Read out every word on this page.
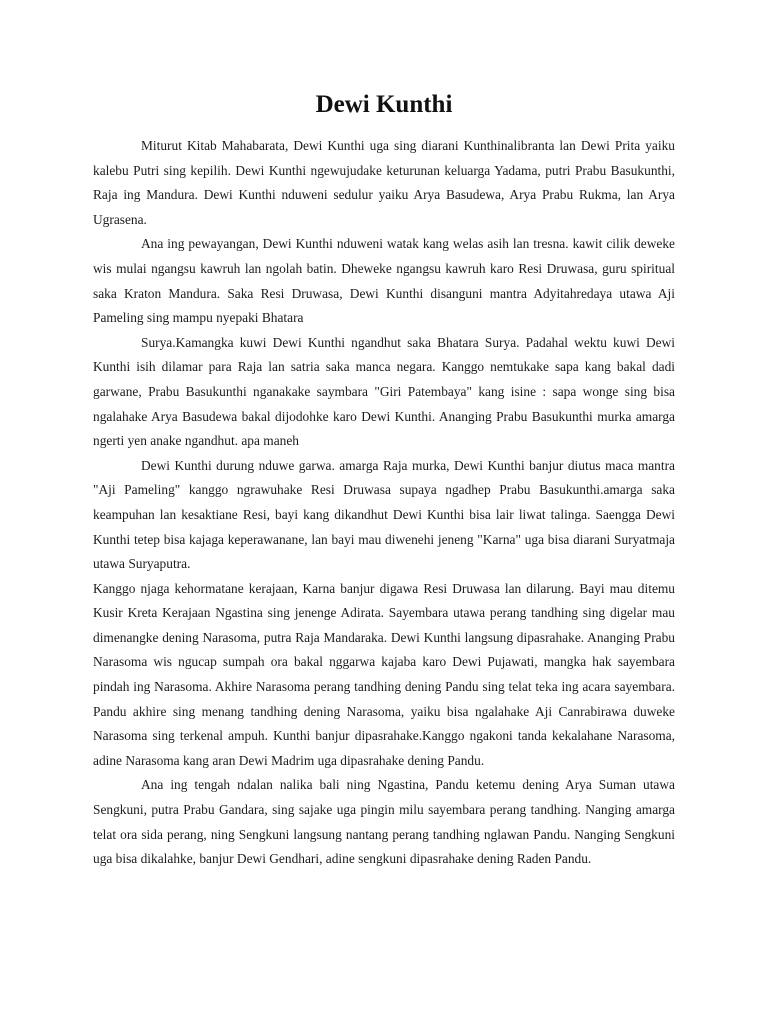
Dewi Kunthi

Miturut Kitab Mahabarata, Dewi Kunthi uga sing diarani Kunthinalibranta lan Dewi Prita yaiku kalebu Putri sing kepilih. Dewi Kunthi ngewujudake keturunan keluarga Yadama, putri Prabu Basukunthi, Raja ing Mandura. Dewi Kunthi nduweni sedulur yaiku Arya Basudewa, Arya Prabu Rukma, lan Arya Ugrasena.

Ana ing pewayangan, Dewi Kunthi nduweni watak kang welas asih lan tresna. kawit cilik deweke wis mulai ngangsu kawruh lan ngolah batin. Dheweke ngangsu kawruh karo Resi Druwasa, guru spiritual saka Kraton Mandura. Saka Resi Druwasa, Dewi Kunthi disanguni mantra Adyitahredaya utawa Aji Pameling sing mampu nyepaki Bhatara

Surya.Kamangka kuwi Dewi Kunthi ngandhut saka Bhatara Surya. Padahal wektu kuwi Dewi Kunthi isih dilamar para Raja lan satria saka manca negara. Kanggo nemtukake sapa kang bakal dadi garwane, Prabu Basukunthi nganakake saymbara "Giri Patembaya" kang isine : sapa wonge sing bisa ngalahake Arya Basudewa bakal dijodohke karo Dewi Kunthi. Ananging Prabu Basukunthi murka amarga ngerti yen anake ngandhut. apa maneh

Dewi Kunthi durung nduwe garwa. amarga Raja murka, Dewi Kunthi banjur diutus maca mantra "Aji Pameling" kanggo ngrawuhake Resi Druwasa supaya ngadhep Prabu Basukunthi.amarga saka keampuhan lan kesaktiane Resi, bayi kang dikandhut Dewi Kunthi bisa lair liwat talinga. Saengga Dewi Kunthi tetep bisa kajaga keperawanane, lan bayi mau diwenehi jeneng "Karna" uga bisa diarani Suryatmaja utawa Suryaputra.

Kanggo njaga kehormatane kerajaan, Karna banjur digawa Resi Druwasa lan dilarung. Bayi mau ditemu Kusir Kreta Kerajaan Ngastina sing jenenge Adirata. Sayembara utawa perang tandhing sing digelar mau dimenangke dening Narasoma, putra Raja Mandaraka. Dewi Kunthi langsung dipasrahake. Ananging Prabu Narasoma wis ngucap sumpah ora bakal nggarwa kajaba karo Dewi Pujawati, mangka hak sayembara pindah ing Narasoma. Akhire Narasoma perang tandhing dening Pandu sing telat teka ing acara sayembara. Pandu akhire sing menang tandhing dening Narasoma, yaiku bisa ngalahake Aji Canrabirawa duweke Narasoma sing terkenal ampuh. Kunthi banjur dipasrahake.Kanggo ngakoni tanda kekalahane Narasoma, adine Narasoma kang aran Dewi Madrim uga dipasrahake dening Pandu.

Ana ing tengah ndalan nalika bali ning Ngastina, Pandu ketemu dening Arya Suman utawa Sengkuni, putra Prabu Gandara, sing sajake uga pingin milu sayembara perang tandhing. Nanging amarga telat ora sida perang, ning Sengkuni langsung nantang perang tandhing nglawan Pandu. Nanging Sengkuni uga bisa dikalahke, banjur Dewi Gendhari, adine sengkuni dipasrahake dening Raden Pandu.
